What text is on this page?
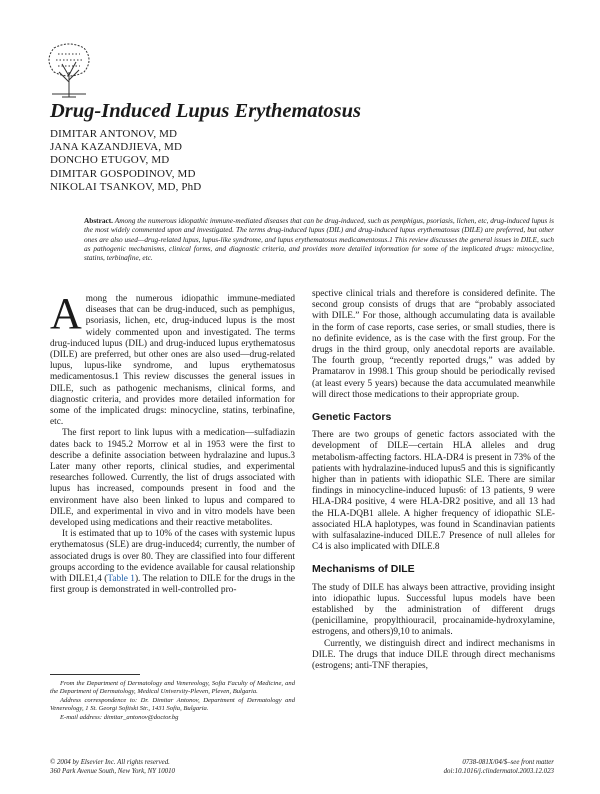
Drug-Induced Lupus Erythematosus
DIMITAR ANTONOV, MD
JANA KAZANDJIEVA, MD
DONCHO ETUGOV, MD
DIMITAR GOSPODINOV, MD
NIKOLAI TSANKOV, MD, PhD
Abstract. Among the numerous idiopathic immune-mediated diseases that can be drug-induced, such as pemphigus, psoriasis, lichen, etc, drug-induced lupus is the most widely commented upon and investigated. The terms drug-induced lupus (DIL) and drug-induced lupus erythematosus (DILE) are preferred, but other ones are also used—drug-related lupus, lupus-like syndrome, and lupus erythematosus medicamentosus.1 This review discusses the general issues in DILE, such as pathogenic mechanisms, clinical forms, and diagnostic criteria, and provides more detailed information for some of the implicated drugs: minocycline, statins, terbinafine, etc.

Among the numerous idiopathic immune-mediated diseases that can be drug-induced, such as pemphigus, psoriasis, lichen, etc, drug-induced lupus is the most widely commented upon and investigated. The terms drug-induced lupus (DIL) and drug-induced lupus erythematosus (DILE) are preferred, but other ones are also used—drug-related lupus, lupus-like syndrome, and lupus erythematosus medicamentosus.1 This review discusses the general issues in DILE, such as pathogenic mechanisms, clinical forms, and diagnostic criteria, and provides more detailed information for some of the implicated drugs: minocycline, statins, terbinafine, etc.

The first report to link lupus with a medication—sulfadiazin dates back to 1945.2 Morrow et al in 1953 were the first to describe a definite association between hydralazine and lupus.3 Later many other reports, clinical studies, and experimental researches followed. Currently, the list of drugs associated with lupus has increased, compounds present in food and the environment have also been linked to lupus and compared to DILE, and experimental in vivo and in vitro models have been developed using medications and their reactive metabolites.

It is estimated that up to 10% of the cases with systemic lupus erythematosus (SLE) are drug-induced4; currently, the number of associated drugs is over 80. They are classified into four different groups according to the evidence available for causal relationship with DILE1,4 (Table 1). The relation to DILE for the drugs in the first group is demonstrated in well-controlled pro-

spective clinical trials and therefore is considered definite. The second group consists of drugs that are “probably associated with DILE.” For those, although accumulating data is available in the form of case reports, case series, or small studies, there is no definite evidence, as is the case with the first group. For the drugs in the third group, only anecdotal reports are available. The fourth group, “recently reported drugs,” was added by Pramatarov in 1998.1 This group should be periodically revised (at least every 5 years) because the data accumulated meanwhile will direct those medications to their appropriate group.

Genetic Factors

There are two groups of genetic factors associated with the development of DILE—certain HLA alleles and drug metabolism-affecting factors. HLA-DR4 is present in 73% of the patients with hydralazine-induced lupus5 and this is significantly higher than in patients with idiopathic SLE. There are similar findings in minocycline-induced lupus6: of 13 patients, 9 were HLA-DR4 positive, 4 were HLA-DR2 positive, and all 13 had the HLA-DQB1 allele. A higher frequency of idiopathic SLE-associated HLA haplotypes, was found in Scandinavian patients with sulfasalazine-induced DILE.7 Presence of null alleles for C4 is also implicated with DILE.8

Mechanisms of DILE

The study of DILE has always been attractive, providing insight into idiopathic lupus. Successful lupus models have been established by the administration of different drugs (penicillamine, propylthiouracil, procainamide-hydroxylamine, estrogens, and others)9,10 to animals.

Currently, we distinguish direct and indirect mechanisms in DILE. The drugs that induce DILE through direct mechanisms (estrogens; anti-TNF therapies,

From the Department of Dermatology and Venereology, Sofia Faculty of Medicine, and the Department of Dermatology, Medical University-Pleven, Pleven, Bulgaria.

Address correspondence to: Dr. Dimitar Antonov, Department of Dermatology and Venereology, 1 St. Georgi Sofiiski Str., 1431 Sofia, Bulgaria.

E-mail address: dimitar_antonov@doctor.bg

© 2004 by Elsevier Inc. All rights reserved.
360 Park Avenue South, New York, NY 10010
0738-081X/04/$–see front matter
doi:10.1016/j.clindermatol.2003.12.023
